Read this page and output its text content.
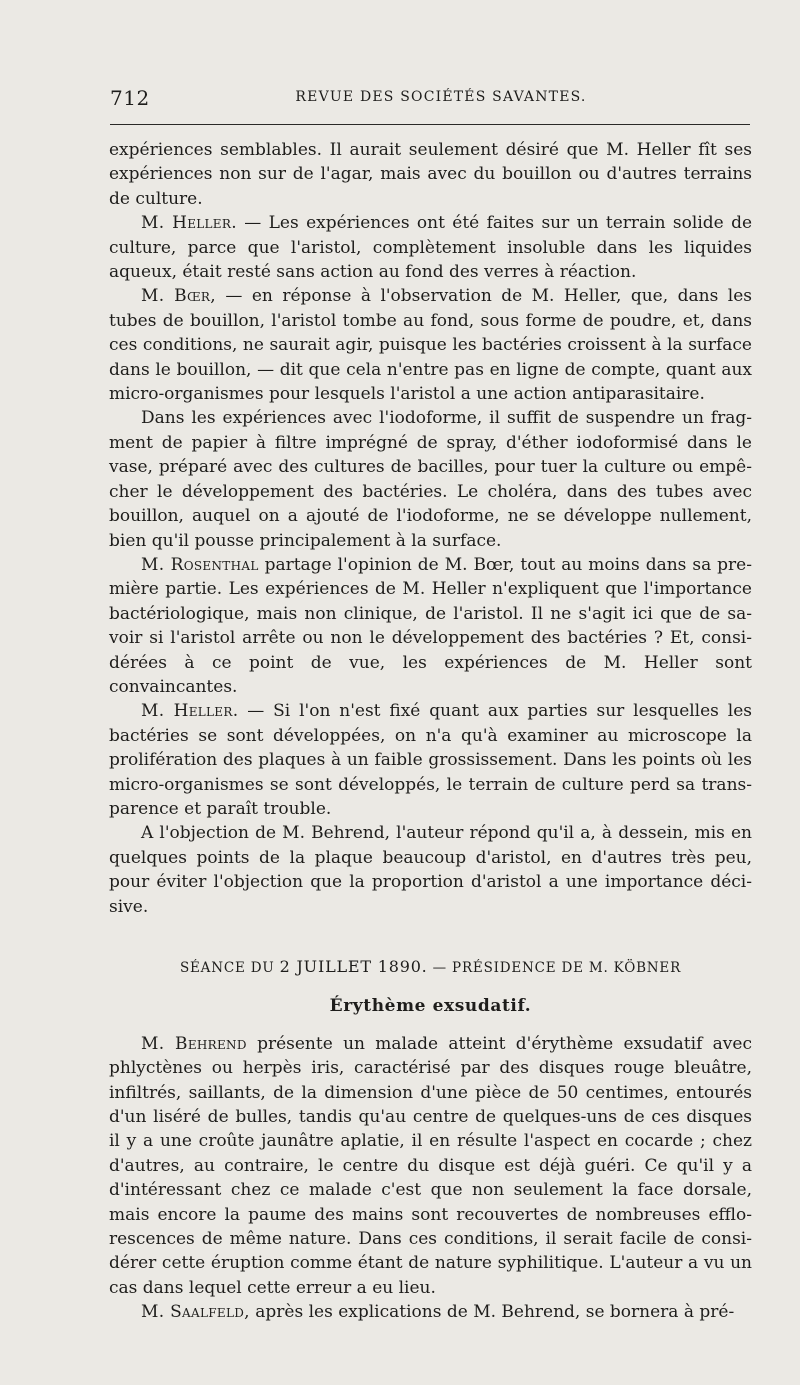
712	REVUE DES SOCIÉTÉS SAVANTES.

expériences semblables. Il aurait seulement désiré que M. Heller fît ses expériences non sur de l'agar, mais avec du bouillon ou d'autres terrains de culture.

M. Heller. — Les expériences ont été faites sur un terrain solide de culture, parce que l'aristol, complètement insoluble dans les liquides aqueux, était resté sans action au fond des verres à réaction.

M. Bœr, — en réponse à l'observation de M. Heller, que, dans les tubes de bouillon, l'aristol tombe au fond, sous forme de poudre, et, dans ces conditions, ne saurait agir, puisque les bactéries croissent à la surface dans le bouillon, — dit que cela n'entre pas en ligne de compte, quant aux micro-organismes pour lesquels l'aristol a une action antiparasitaire.

Dans les expériences avec l'iodoforme, il suffit de suspendre un fragment de papier à filtre imprégné de spray, d'éther iodoformisé dans le vase, préparé avec des cultures de bacilles, pour tuer la culture ou empêcher le développement des bactéries. Le choléra, dans des tubes avec bouillon, auquel on a ajouté de l'iodoforme, ne se développe nullement, bien qu'il pousse principalement à la surface.

M. Rosenthal partage l'opinion de M. Bœr, tout au moins dans sa première partie. Les expériences de M. Heller n'expliquent que l'importance bactériologique, mais non clinique, de l'aristol. Il ne s'agit ici que de savoir si l'aristol arrête ou non le développement des bactéries ? Et, considérées à ce point de vue, les expériences de M. Heller sont convaincantes.

M. Heller. — Si l'on n'est fixé quant aux parties sur lesquelles les bactéries se sont développées, on n'a qu'à examiner au microscope la prolifération des plaques à un faible grossissement. Dans les points où les micro-organismes se sont développés, le terrain de culture perd sa transparence et paraît trouble.

A l'objection de M. Behrend, l'auteur répond qu'il a, à dessein, mis en quelques points de la plaque beaucoup d'aristol, en d'autres très peu, pour éviter l'objection que la proportion d'aristol a une importance décisive.

SÉANCE DU 2 JUILLET 1890. — PRÉSIDENCE DE M. KÖBNER
Érythème exsudatif.

M. Behrend présente un malade atteint d'érythème exsudatif avec phlyctènes ou herpès iris, caractérisé par des disques rouge bleuâtre, infiltrés, saillants, de la dimension d'une pièce de 50 centimes, entourés d'un liséré de bulles, tandis qu'au centre de quelques-uns de ces disques il y a une croûte jaunâtre aplatie, il en résulte l'aspect en cocarde ; chez d'autres, au contraire, le centre du disque est déjà guéri. Ce qu'il y a d'intéressant chez ce malade c'est que non seulement la face dorsale, mais encore la paume des mains sont recouvertes de nombreuses efflorescences de même nature. Dans ces conditions, il serait facile de considérer cette éruption comme étant de nature syphilitique. L'auteur a vu un cas dans lequel cette erreur a eu lieu.

M. Saalfeld, après les explications de M. Behrend, se bornera à pré-
